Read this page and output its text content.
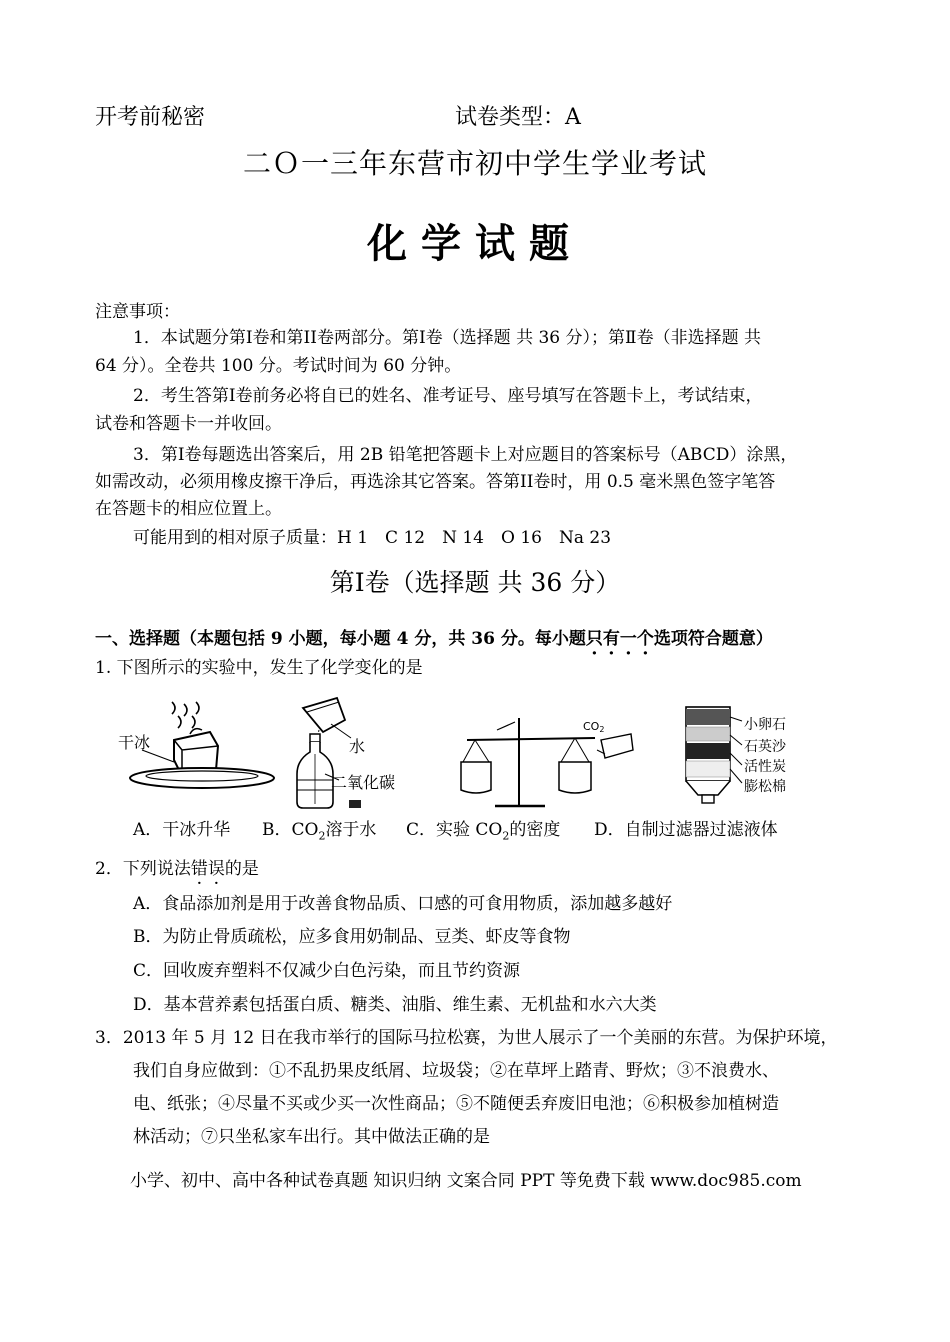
开考前秘密	试卷类型：A
二Ｏ一三年东营市初中学生学业考试
化学试题
注意事项：
1．本试题分第Ⅰ卷和第II卷两部分。第I卷（选择题 共 36 分）；第Ⅱ卷（非选择题 共
64 分）。全卷共 100 分。考试时间为 60 分钟。
2．考生答第Ⅰ卷前务必将自已的姓名、准考证号、座号填写在答题卡上，考试结束，
试卷和答题卡一并收回。
3．第I卷每题选出答案后，用 2B 铅笔把答题卡上对应题目的答案标号（ABCD）涂黑，
如需改动，必须用橡皮擦干净后，再选涂其它答案。答第II卷时，用 0.5 毫米黑色签字笔答
在答题卡的相应位置上。
可能用到的相对原子质量：H 1　C 12　N 14　O 16　Na 23
第I卷（选择题 共 36 分）
一、选择题（本题包括 9 小题，每小题 4 分，共 36 分。每小题只有一个选项符合题意）
1. 下图所示的实验中，发生了化学变化的是
干冰	水
二氧化碳
CO2	小卵石
石英沙
活性炭
膨松棉
A．干冰升华 B．$CO_2$溶于水 C．实验 $CO_2$的密度 D．自制过滤器过滤液体
2．下列说法错误的是
A．食品添加剂是用于改善食物品质、口感的可食用物质，添加越多越好
B．为防止骨质疏松，应多食用奶制品、豆类、虾皮等食物
C．回收废弃塑料不仅减少白色污染，而且节约资源
D．基本营养素包括蛋白质、糖类、油脂、维生素、无机盐和水六大类
3．2013 年 5 月 12 日在我市举行的国际马拉松赛，为世人展示了一个美丽的东营。为保护环境，
我们自身应做到：①不乱扔果皮纸屑、垃圾袋；②在草坪上踏青、野炊；③不浪费水、
电、纸张；④尽量不买或少买一次性商品；⑤不随便丢弃废旧电池；⑥积极参加植树造
林活动；⑦只坐私家车出行。其中做法正确的是
小学、初中、高中各种试卷真题 知识归纳 文案合同 PPT 等免费下载 www.doc985.com
